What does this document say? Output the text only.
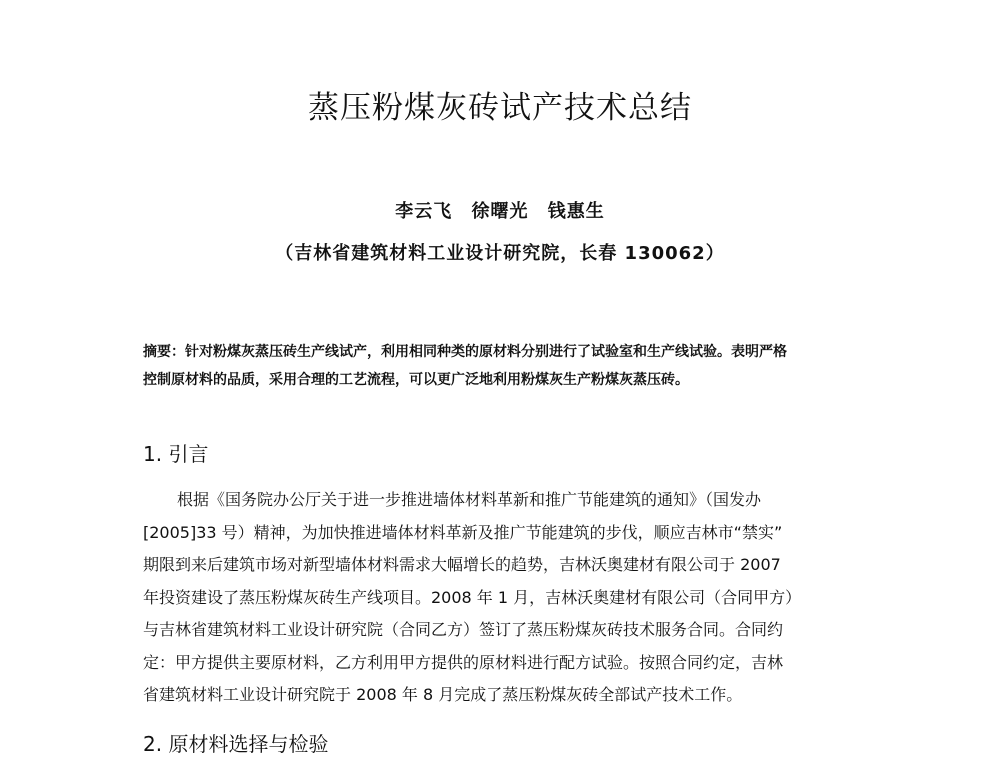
蒸压粉煤灰砖试产技术总结
李云飞 徐曙光 钱惠生
（吉林省建筑材料工业设计研究院，长春 130062）
摘要：针对粉煤灰蒸压砖生产线试产，利用相同种类的原材料分别进行了试验室和生产线试验。表明严格
控制原材料的品质，采用合理的工艺流程，可以更广泛地利用粉煤灰生产粉煤灰蒸压砖。
1. 引言
根据《国务院办公厅关于进一步推进墙体材料革新和推广节能建筑的通知》（国发办
[2005]33 号）精神，为加快推进墙体材料革新及推广节能建筑的步伐，顺应吉林市“禁实”
期限到来后建筑市场对新型墙体材料需求大幅增长的趋势，吉林沃奥建材有限公司于 2007
年投资建设了蒸压粉煤灰砖生产线项目。2008 年 1 月，吉林沃奥建材有限公司（合同甲方）
与吉林省建筑材料工业设计研究院（合同乙方）签订了蒸压粉煤灰砖技术服务合同。合同约
定：甲方提供主要原材料，乙方利用甲方提供的原材料进行配方试验。按照合同约定，吉林
省建筑材料工业设计研究院于 2008 年 8 月完成了蒸压粉煤灰砖全部试产技术工作。
2. 原材料选择与检验
